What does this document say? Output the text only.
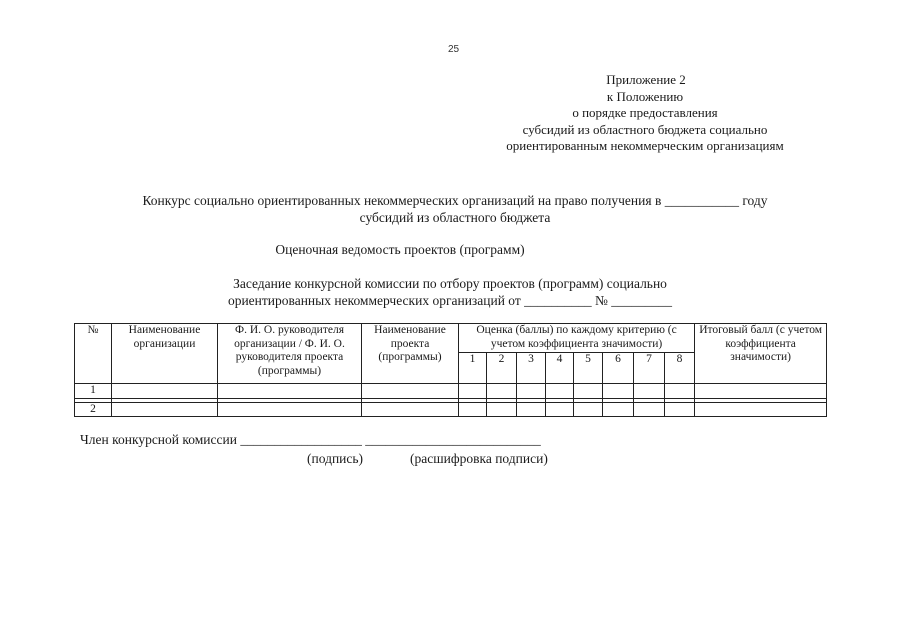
25
Приложение 2
к Положению
о порядке предоставления
субсидий из областного бюджета социально
ориентированным некоммерческим организациям
Конкурс социально ориентированных некоммерческих организаций на право получения в ___________ году
субсидий из областного бюджета
Оценочная ведомость проектов (программ)
Заседание конкурсной комиссии по отбору проектов (программ) социально
ориентированных некоммерческих организаций от __________ № _________
№	Наименование организации	Ф. И. О. руководителя организации / Ф. И. О. руководителя проекта (программы)	Наименование проекта (программы)	Оценка (баллы) по каждому критерию (с учетом коэффициента значимости)								Итоговый балл (с учетом коэффициента значимости)
				1	2	3	4	5	6	7	8	
1												

2												
Член конкурсной комиссии __________________ __________________________
(подпись)	(расшифровка подписи)
